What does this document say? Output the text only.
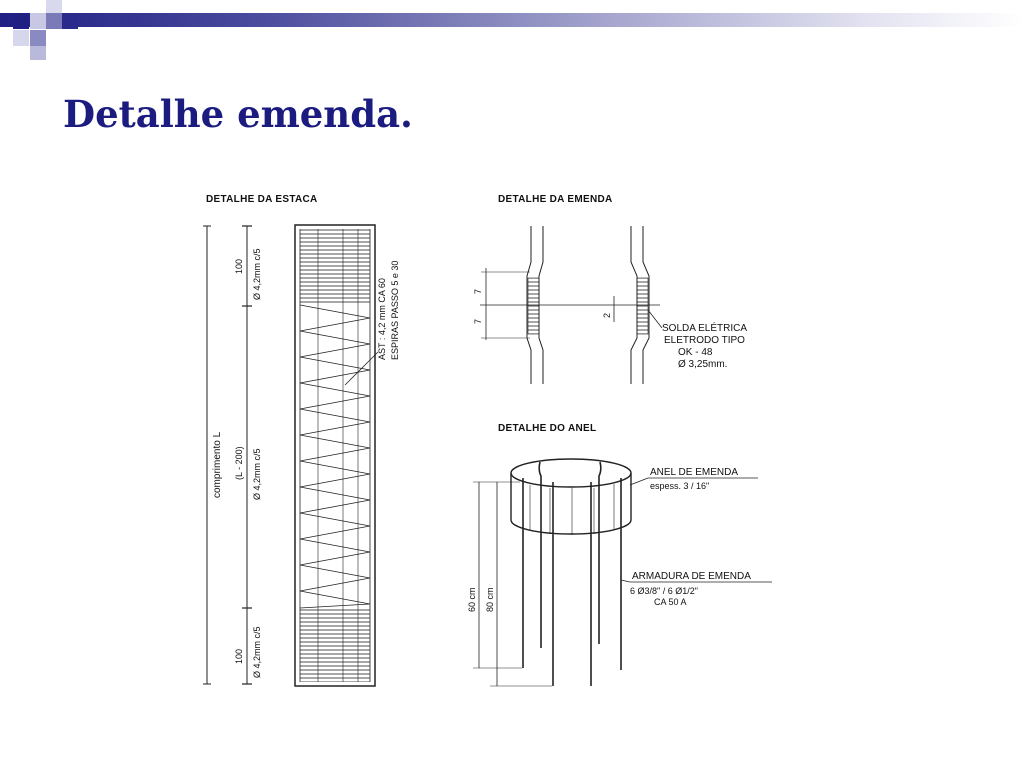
Detalhe emenda.
DETALHE DA ESTACA
comprimento L
100 Ø 4,2mm c/5
(L - 200) Ø 4,2mm c/5
100 Ø 4,2mm c/5
AST : 4,2 mm CA 60 ESPIRAS PASSO 5 e 30
DETALHE DA EMENDA
7
7
2
SOLDA ELÉTRICA
ELETRODO TIPO
OK - 48
Ø 3,25mm.
DETALHE DO ANEL
ANEL DE EMENDA
espess. 3 / 16"
60 cm 80 cm
ARMADURA DE EMENDA
6 Ø3/8" / 6 Ø1/2"
CA 50 A
